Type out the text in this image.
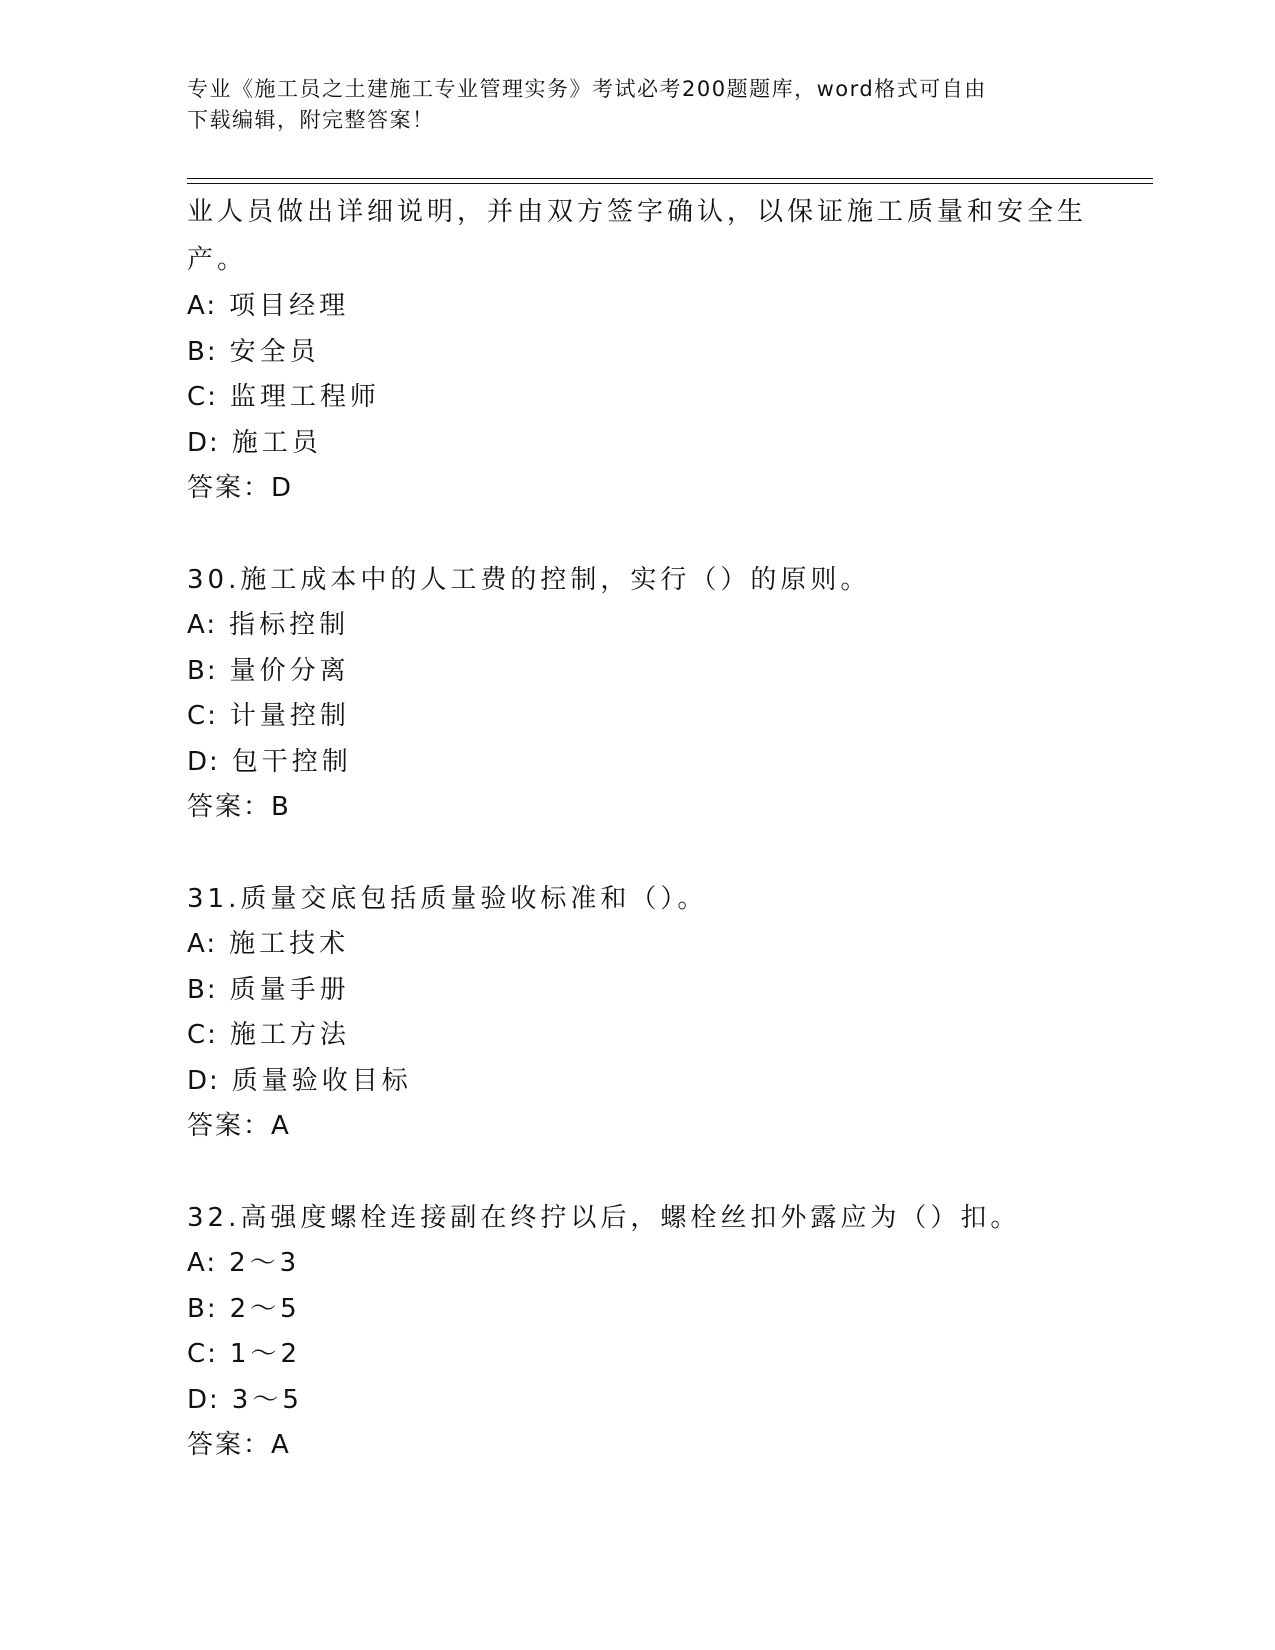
专业《施工员之土建施工专业管理实务》考试必考200题题库，word格式可自由
下载编辑，附完整答案！
业人员做出详细说明，并由双方签字确认，以保证施工质量和安全生
产。
A: 项目经理
B: 安全员
C: 监理工程师
D: 施工员
答案：D
30.施工成本中的人工费的控制，实行（）的原则。
A: 指标控制
B: 量价分离
C: 计量控制
D: 包干控制
答案：B
31.质量交底包括质量验收标准和（）。
A: 施工技术
B: 质量手册
C: 施工方法
D: 质量验收目标
答案：A
32.高强度螺栓连接副在终拧以后，螺栓丝扣外露应为（）扣。
A: 2～3
B: 2～5
C: 1～2
D: 3～5
答案：A
